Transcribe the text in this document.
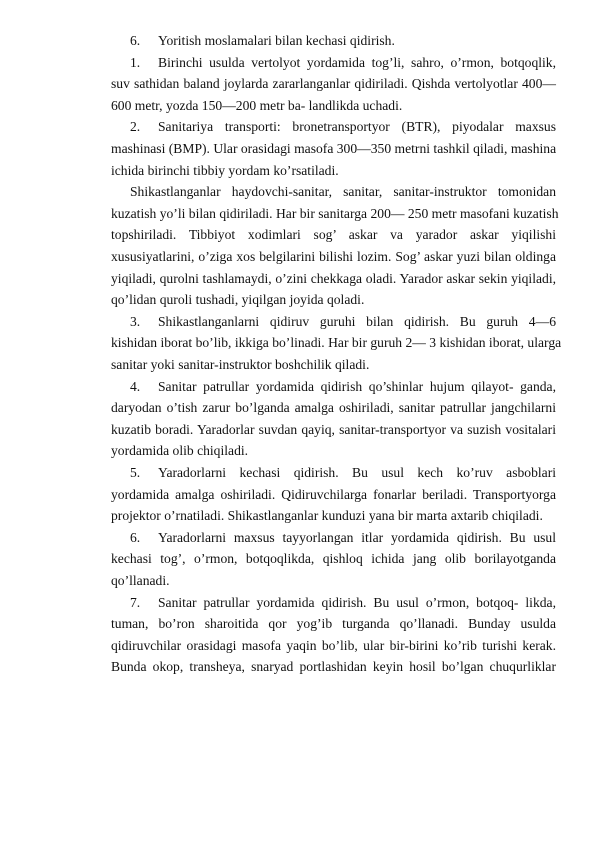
6. Yoritish moslamalari bilan kechasi qidirish.
1. Birinchi usulda vertolyot yordamida tog’li, sahro, o’rmon, botqoqlik,
suv sathidan baland joylarda zararlanganlar qidiriladi. Qishda vertolyotlar 400—
600 metr, yozda 150—200 metr ba- landlikda uchadi.
2. Sanitariya transporti: bronetransportyor (BTR), piyodalar maxsus
mashinasi (BMP). Ular orasidagi masofa 300—350 metrni tashkil qiladi, mashina
ichida birinchi tibbiy yordam ko’rsatiladi.
Shikastlanganlar haydovchi-sanitar, sanitar, sanitar-instruktor tomonidan
kuzatish yo’li bilan qidiriladi. Har bir sanitarga 200— 250 metr masofani kuzatish
topshiriladi. Tibbiyot xodimlari sog’ askar va yarador askar yiqilishi
xususiyatlarini, o’ziga xos belgilarini bilishi lozim. Sog’ askar yuzi bilan oldinga
yiqiladi, qurolni tashlamaydi, o’zini chekkaga oladi. Yarador askar sekin yiqiladi,
qo’lidan quroli tushadi, yiqilgan joyida qoladi.
3. Shikastlanganlarni qidiruv guruhi bilan qidirish. Bu guruh 4—6
kishidan iborat bo’lib, ikkiga bo’linadi. Har bir guruh 2— 3 kishidan iborat, ularga
sanitar yoki sanitar-instruktor boshchilik qiladi.
4. Sanitar patrullar yordamida qidirish qo’shinlar hujum qilayot- ganda,
daryodan o’tish zarur bo’lganda amalga oshiriladi, sanitar patrullar jangchilarni
kuzatib boradi. Yaradorlar suvdan qayiq, sanitar-transportyor va suzish vositalari
yordamida olib chiqiladi.
5. Yaradorlarni kechasi qidirish. Bu usul kech ko’ruv asboblari
yordamida amalga oshiriladi. Qidiruvchilarga fonarlar beriladi. Transportyorga
projektor o’rnatiladi. Shikastlanganlar kunduzi yana bir marta axtarib chiqiladi.
6. Yaradorlarni maxsus tayyorlangan itlar yordamida qidirish. Bu usul
kechasi tog’, o’rmon, botqoqlikda, qishloq ichida jang olib borilayotganda
qo’llanadi.
7. Sanitar patrullar yordamida qidirish. Bu usul o’rmon, botqoq- likda,
tuman, bo’ron sharoitida qor yog’ib turganda qo’llanadi. Bunday usulda
qidiruvchilar orasidagi masofa yaqin bo’lib, ular bir-birini ko’rib turishi kerak.
Bunda okop, transheya, snaryad portlashidan keyin hosil bo’lgan chuqurliklar
